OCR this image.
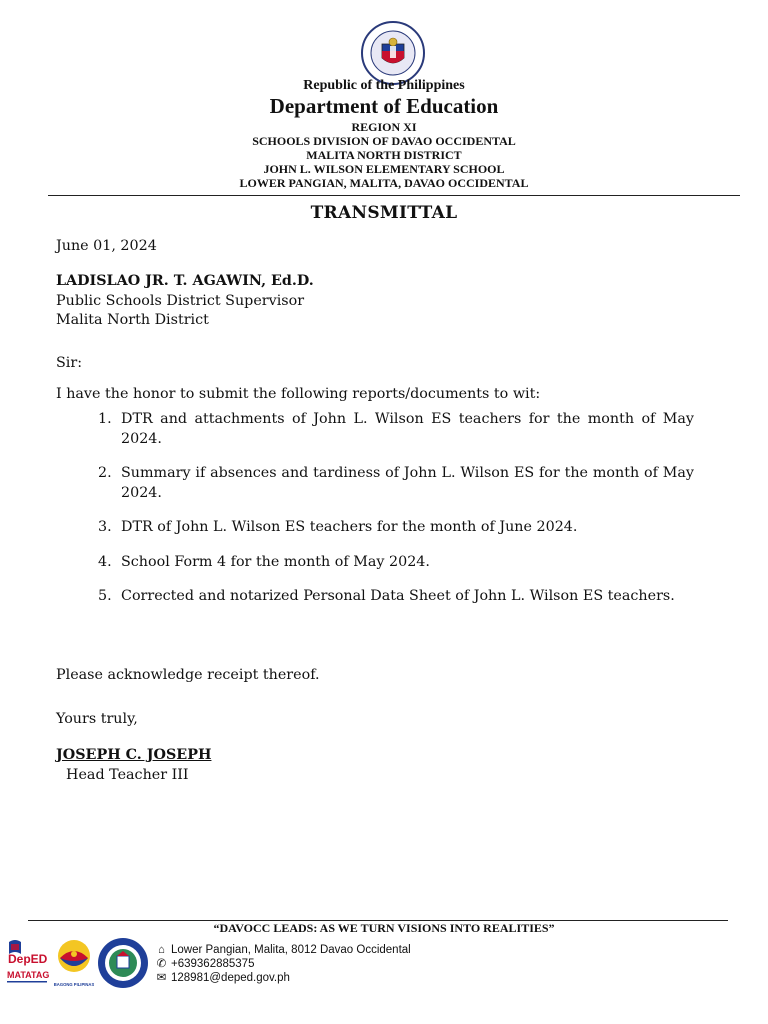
Republic of the Philippines
Department of Education
REGION XI
SCHOOLS DIVISION OF DAVAO OCCIDENTAL
MALITA NORTH DISTRICT
JOHN L. WILSON ELEMENTARY SCHOOL
LOWER PANGIAN, MALITA, DAVAO OCCIDENTAL
TRANSMITTAL
June 01, 2024
LADISLAO JR. T. AGAWIN, Ed.D.
Public Schools District Supervisor
Malita North District
Sir:
I have the honor to submit the following reports/documents to wit:
1. DTR and attachments of John L. Wilson ES teachers for the month of May 2024.
2. Summary if absences and tardiness of John L. Wilson ES for the month of May 2024.
3. DTR of John L. Wilson ES teachers for the month of June 2024.
4. School Form 4 for the month of May 2024.
5. Corrected and notarized Personal Data Sheet of John L. Wilson ES teachers.
Please acknowledge receipt thereof.
Yours truly,
JOSEPH C. JOSEPH
Head Teacher III
“DAVOCC LEADS: AS WE TURN VISIONS INTO REALITIES”
DepED
MATATAG
BAGONG PILIPINAS
⌂ Lower Pangian, Malita, 8012 Davao Occidental
✆ +639362885375
✉ 128981@deped.gov.ph
